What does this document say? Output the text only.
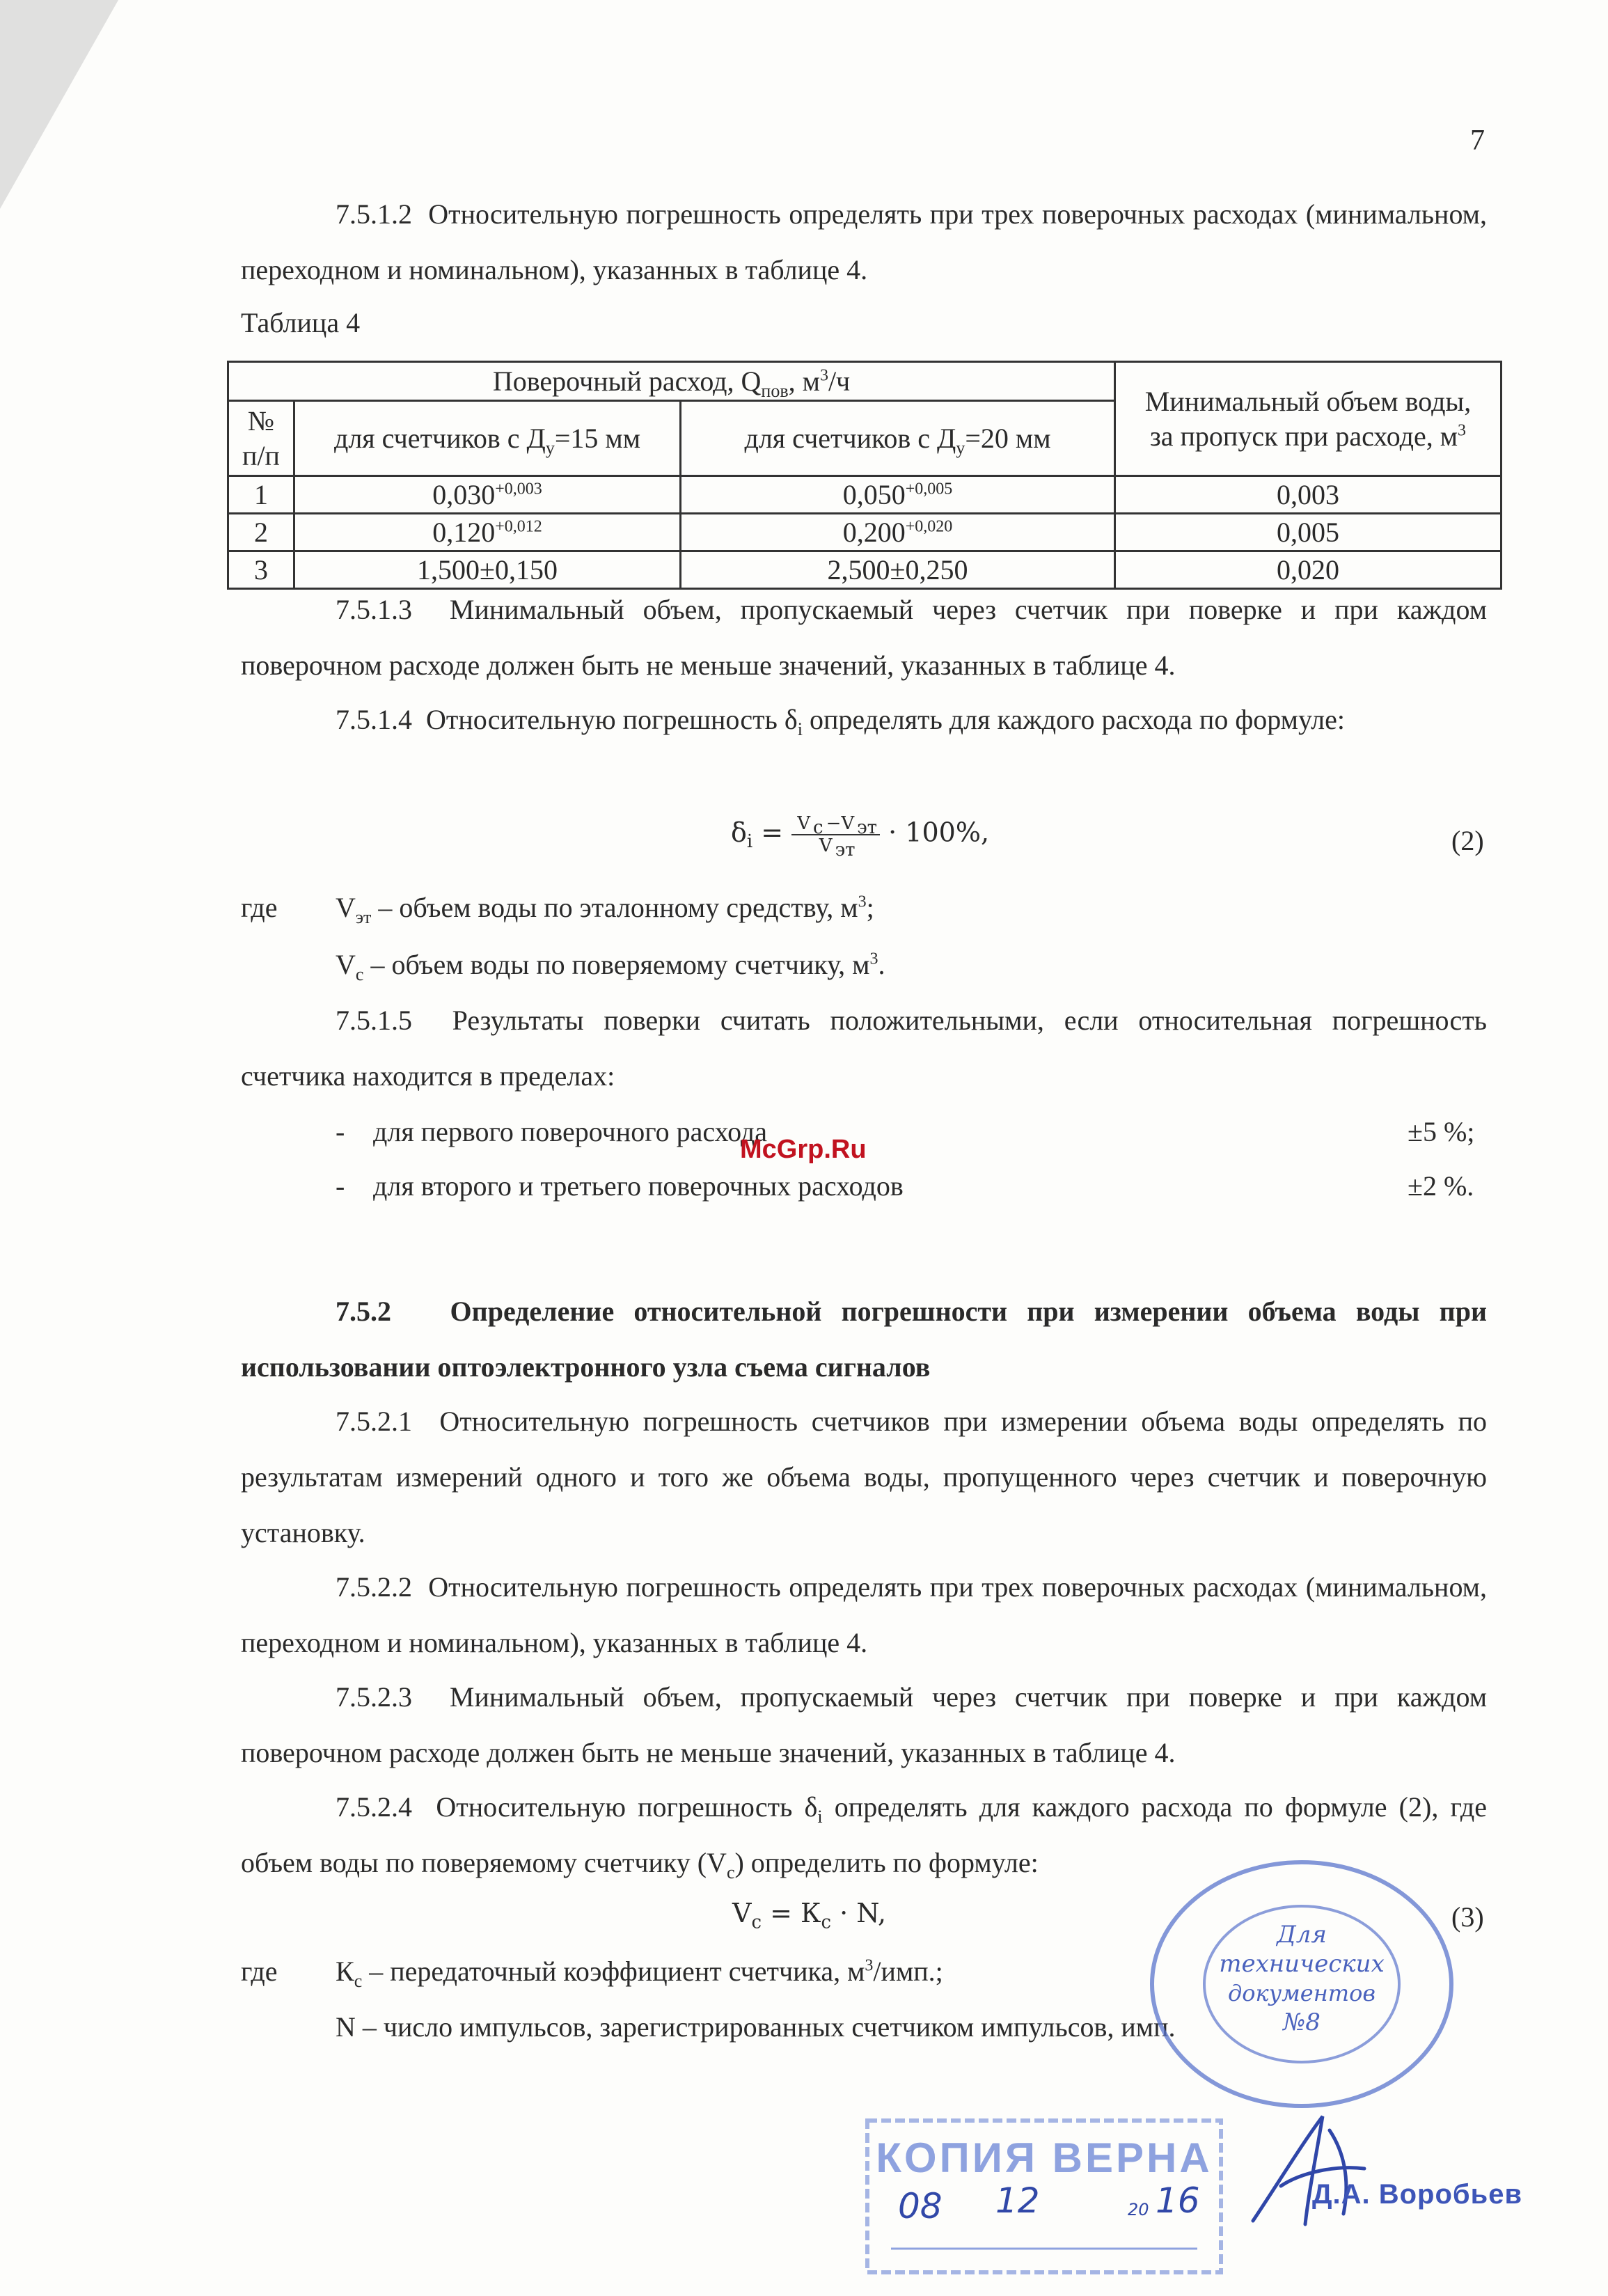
7
7.5.1.2 Относительную погрешность определять при трех поверочных расходах (минимальном, переходном и номинальном), указанных в таблице 4.
Таблица 4
Поверочный расход, $Q_{пов}$, $м^3/ч$			Минимальный объем воды,
за пропуск при расходе, $м^3$

№
п/п	для счетчиков с $Д_у=15$ мм	для счетчиков с $Д_у=20$ мм	
1	$0,030^{+0,003}$	$0,050^{+0,005}$	0,003
2	$0,120^{+0,012}$	$0,200^{+0,020}$	0,005
3	1,500±0,150	2,500±0,250	0,020
7.5.1.3 Минимальный объем, пропускаемый через счетчик при поверке и при каждом поверочном расходе должен быть не меньше значений, указанных в таблице 4.
7.5.1.4 Относительную погрешность $\delta_i$ определять для каждого расхода по формуле:
$\delta_i = \frac{V _с -V _{эт}}{V _{эт}} \cdot 100\%$,	(2)
где $V_{эт}$ – объем воды по эталонному средству, $м^3$;
$V_с$ – объем воды по поверяемому счетчику, $м^3$.
7.5.1.5 Результаты поверки считать положительными, если относительная погрешность счетчика находится в пределах:
- для первого поверочного расхода	±5 %;
- для второго и третьего поверочных расходов	±2 %.
McGrp.Ru
7.5.2 Определение относительной погрешности при измерении объема воды при использовании оптоэлектронного узла съема сигналов
7.5.2.1 Относительную погрешность счетчиков при измерении объема воды определять по результатам измерений одного и того же объема воды, пропущенного через счетчик и поверочную установку.
7.5.2.2 Относительную погрешность определять при трех поверочных расходах (минимальном, переходном и номинальном), указанных в таблице 4.
7.5.2.3 Минимальный объем, пропускаемый через счетчик при поверке и при каждом поверочном расходе должен быть не меньше значений, указанных в таблице 4.
7.5.2.4 Относительную погрешность $\delta_i$ определять для каждого расхода по формуле (2), где объем воды по поверяемому счетчику $(V_с)$ определить по формуле:
$V_с = К_с \cdot N$,	(3)
где $К_с$ – передаточный коэффициент счетчика, $м^3$/имп.;
N – число импульсов, зарегистрированных счетчиком импульсов, имп.
Для
технических
документов
№8
КОПИЯ ВЕРНА
08 12	20 16	Д.А. Воробьев
